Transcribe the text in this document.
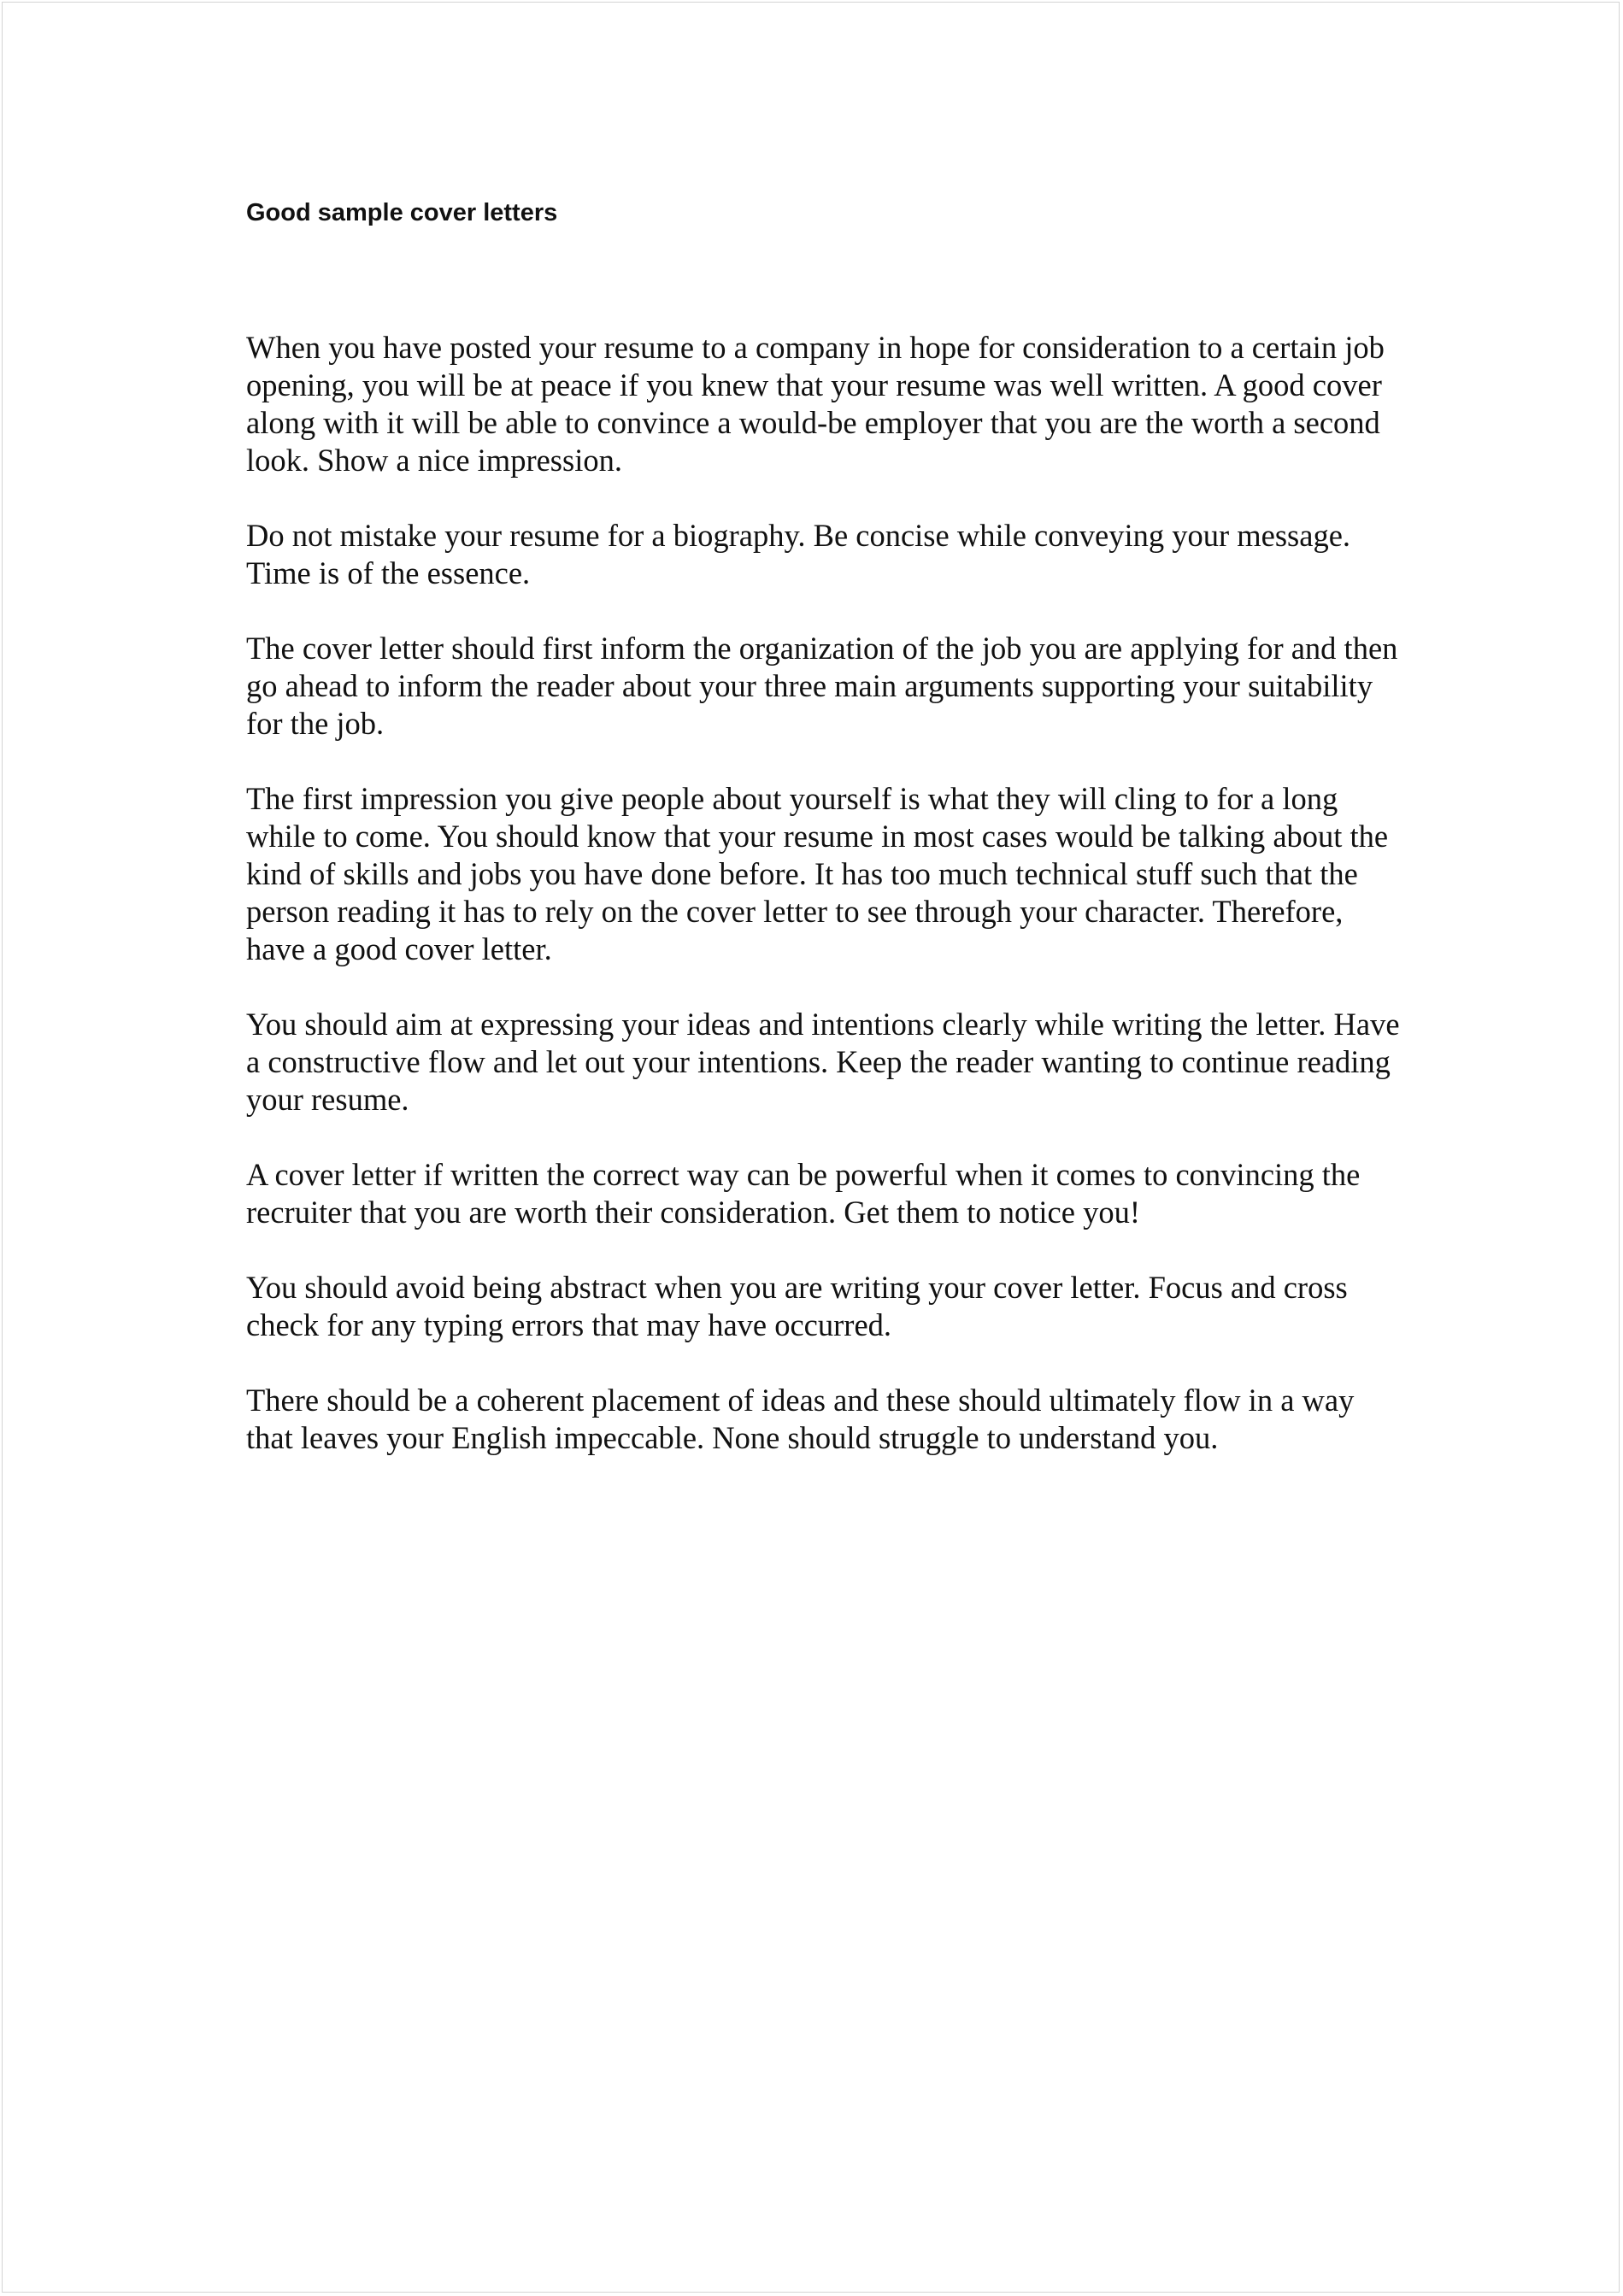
Good sample cover letters

When you have posted your resume to a company in hope for consideration to a certain job opening, you will be at peace if you knew that your resume was well written. A good cover along with it will be able to convince a would-be employer that you are the worth a second look. Show a nice impression.

Do not mistake your resume for a biography. Be concise while conveying your message. Time is of the essence.

The cover letter should first inform the organization of the job you are applying for and then go ahead to inform the reader about your three main arguments supporting your suitability for the job.

The first impression you give people about yourself is what they will cling to for a long while to come. You should know that your resume in most cases would be talking about the kind of skills and jobs you have done before. It has too much technical stuff such that the person reading it has to rely on the cover letter to see through your character. Therefore, have a good cover letter.

You should aim at expressing your ideas and intentions clearly while writing the letter. Have a constructive flow and let out your intentions. Keep the reader wanting to continue reading your resume.

A cover letter if written the correct way can be powerful when it comes to convincing the recruiter that you are worth their consideration. Get them to notice you!

You should avoid being abstract when you are writing your cover letter. Focus and cross check for any typing errors that may have occurred.

There should be a coherent placement of ideas and these should ultimately flow in a way that leaves your English impeccable. None should struggle to understand you.
